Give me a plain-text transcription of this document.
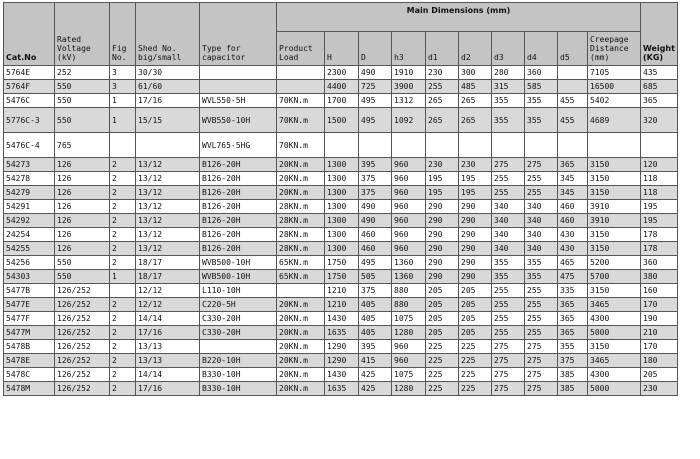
Cat.No	Rated Voltage (kV)	Fig No.	Shed No. big/small	Type for capacitor	Main Dimensions (mm)										Weight (KG)
					Product Load	H	D	h3	d1	d2	d3	d4	d5	Creepage Distance (mm)	
5764E	252	3	30/30			2300	490	1910	230	300	280	360		7105	435
5764F	550	3	61/60			4400	725	3900	255	485	315	585		16500	685
5476C	550	1	17/16	WVL550-5H	70KN.m	1700	495	1312	265	265	355	355	455	5402	365
5776C-3	550	1	15/15	WVB550-10H	70KN.m	1500	495	1092	265	265	355	355	455	4689	320
5476C-4	765			WVL765-5HG	70KN.m										
54273	126	2	13/12	B126-20H	20KN.m	1300	395	960	230	230	275	275	365	3150	120
54278	126	2	13/12	B126-20H	20KN.m	1300	375	960	195	195	255	255	345	3150	118
54279	126	2	13/12	B126-20H	20KN.m	1300	375	960	195	195	255	255	345	3150	118
54291	126	2	13/12	B126-20H	28KN.m	1300	490	960	290	290	340	340	460	3910	195
54292	126	2	13/12	B126-20H	28KN.m	1300	490	960	290	290	340	340	460	3910	195
24254	126	2	13/12	B126-20H	28KN.m	1300	460	960	290	290	340	340	430	3150	178
54255	126	2	13/12	B126-20H	28KN.m	1300	460	960	290	290	340	340	430	3150	178
54256	550	2	18/17	WVB500-10H	65KN.m	1750	495	1360	290	290	355	355	465	5200	360
54303	550	1	18/17	WVB500-10H	65KN.m	1750	505	1360	290	290	355	355	475	5700	380
5477B	126/252		12/12	L110-10H		1210	375	880	205	205	255	255	335	3150	160
5477E	126/252	2	12/12	C220-5H	20KN.m	1210	405	880	205	205	255	255	365	3465	170
5477F	126/252	2	14/14	C330-20H	20KN.m	1430	405	1075	205	205	255	255	365	4300	190
5477M	126/252	2	17/16	C330-20H	20KN.m	1635	405	1280	205	205	255	255	365	5000	210
5478B	126/252	2	13/13		20KN.m	1290	395	960	225	225	275	275	355	3150	170
5478E	126/252	2	13/13	B220-10H	20KN.m	1290	415	960	225	225	275	275	375	3465	180
5478C	126/252	2	14/14	B330-10H	20KN.m	1430	425	1075	225	225	275	275	385	4300	205
5478M	126/252	2	17/16	B330-10H	20KN.m	1635	425	1280	225	225	275	275	385	5000	230
